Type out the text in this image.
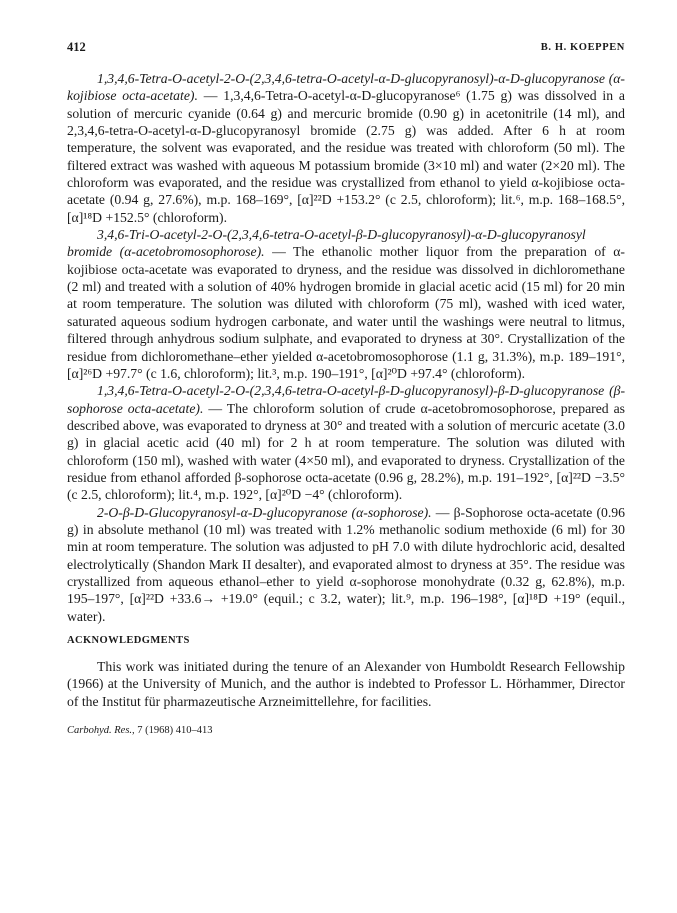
412	B. H. KOEPPEN

1,3,4,6-Tetra-O-acetyl-2-O-(2,3,4,6-tetra-O-acetyl-α-D-glucopyranosyl)-α-D-glucopyranose (α-kojibiose octa-acetate). — 1,3,4,6-Tetra-O-acetyl-α-D-glucopyranose⁶ (1.75 g) was dissolved in a solution of mercuric cyanide (0.64 g) and mercuric bromide (0.90 g) in acetonitrile (14 ml), and 2,3,4,6-tetra-O-acetyl-α-D-glucopyranosyl bromide (2.75 g) was added. After 6 h at room temperature, the solvent was evaporated, and the residue was treated with chloroform (50 ml). The filtered extract was washed with aqueous M potassium bromide (3×10 ml) and water (2×20 ml). The chloroform was evaporated, and the residue was crystallized from ethanol to yield α-kojibiose octa-acetate (0.94 g, 27.6%), m.p. 168–169°, [α]²²D +153.2° (c 2.5, chloroform); lit.⁶, m.p. 168–168.5°, [α]¹⁸D +152.5° (chloroform).

3,4,6-Tri-O-acetyl-2-O-(2,3,4,6-tetra-O-acetyl-β-D-glucopyranosyl)-α-D-glucopyranosyl bromide (α-acetobromosophorose). — The ethanolic mother liquor from the preparation of α-kojibiose octa-acetate was evaporated to dryness, and the residue was dissolved in dichloromethane (2 ml) and treated with a solution of 40% hydrogen bromide in glacial acetic acid (15 ml) for 20 min at room temperature. The solution was diluted with chloroform (75 ml), washed with iced water, saturated aqueous sodium hydrogen carbonate, and water until the washings were neutral to litmus, filtered through anhydrous sodium sulphate, and evaporated to dryness at 30°. Crystallization of the residue from dichloromethane–ether yielded α-acetobromosophorose (1.1 g, 31.3%), m.p. 189–191°, [α]²⁶D +97.7° (c 1.6, chloroform); lit.³, m.p. 190–191°, [α]²⁰D +97.4° (chloroform).

1,3,4,6-Tetra-O-acetyl-2-O-(2,3,4,6-tetra-O-acetyl-β-D-glucopyranosyl)-β-D-glucopyranose (β-sophorose octa-acetate). — The chloroform solution of crude α-acetobromosophorose, prepared as described above, was evaporated to dryness at 30° and treated with a solution of mercuric acetate (3.0 g) in glacial acetic acid (40 ml) for 2 h at room temperature. The solution was diluted with chloroform (150 ml), washed with water (4×50 ml), and evaporated to dryness. Crystallization of the residue from ethanol afforded β-sophorose octa-acetate (0.96 g, 28.2%), m.p. 191–192°, [α]²²D −3.5° (c 2.5, chloroform); lit.⁴, m.p. 192°, [α]²⁰D −4° (chloroform).

2-O-β-D-Glucopyranosyl-α-D-glucopyranose (α-sophorose). — β-Sophorose octa-acetate (0.96 g) in absolute methanol (10 ml) was treated with 1.2% methanolic sodium methoxide (6 ml) for 30 min at room temperature. The solution was adjusted to pH 7.0 with dilute hydrochloric acid, desalted electrolytically (Shandon Mark II desalter), and evaporated almost to dryness at 35°. The residue was crystallized from aqueous ethanol–ether to yield α-sophorose monohydrate (0.32 g, 62.8%), m.p. 195–197°, [α]²²D +33.6→ +19.0° (equil.; c 3.2, water); lit.⁹, m.p. 196–198°, [α]¹⁸D +19° (equil., water).

ACKNOWLEDGMENTS

This work was initiated during the tenure of an Alexander von Humboldt Research Fellowship (1966) at the University of Munich, and the author is indebted to Professor L. Hörhammer, Director of the Institut für pharmazeutische Arzneimittellehre, for facilities.

Carbohyd. Res., 7 (1968) 410–413
